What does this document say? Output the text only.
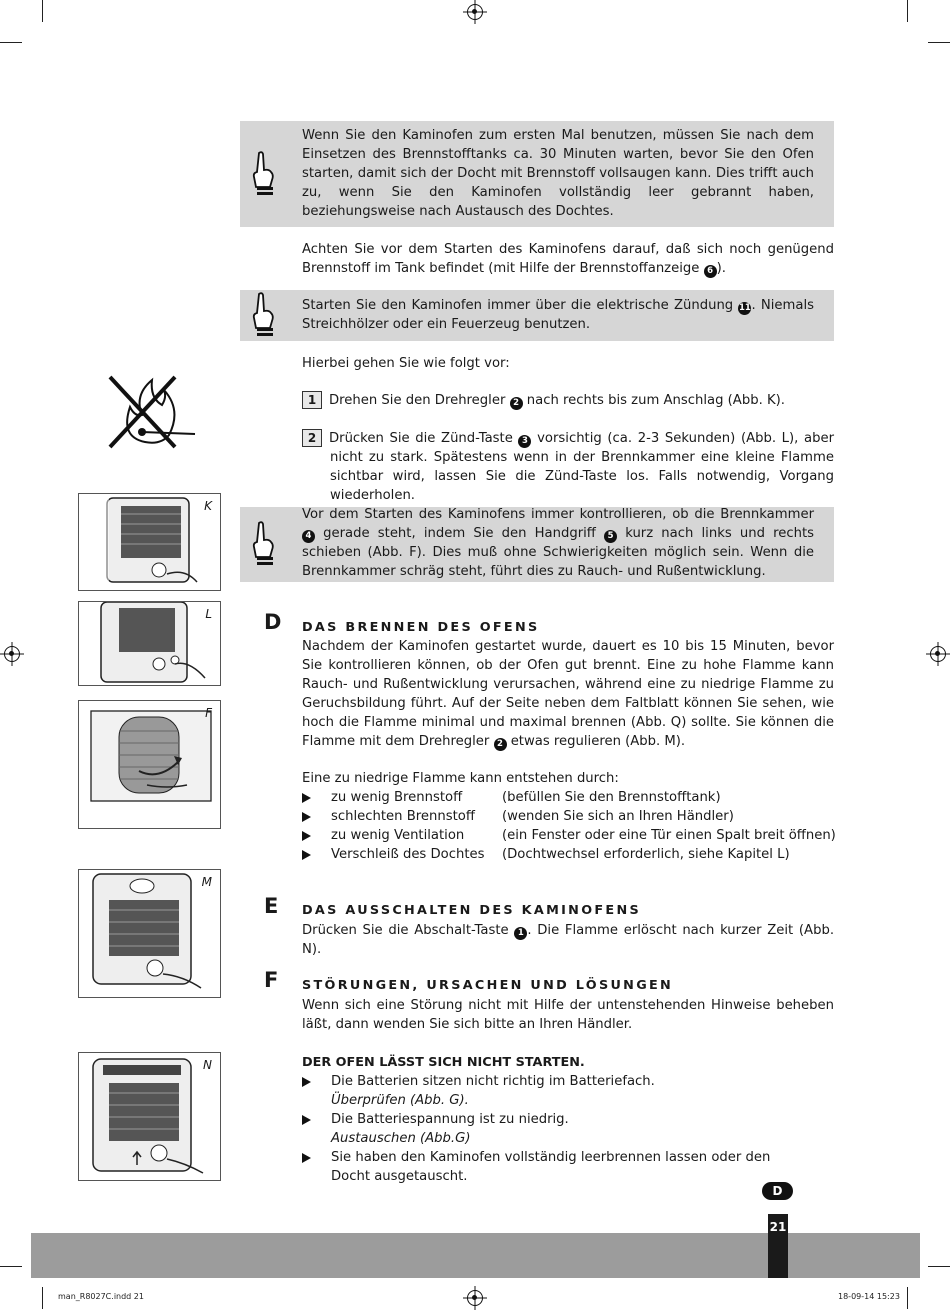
Wenn Sie den Kaminofen zum ersten Mal benutzen, müssen Sie nach dem Einsetzen des Brennstofftanks ca. 30 Minuten warten, bevor Sie den Ofen starten, damit sich der Docht mit Brennstoff vollsaugen kann. Dies trifft auch zu, wenn Sie den Kaminofen vollständig leer gebrannt haben, beziehungsweise nach Austausch des Dochtes.
Achten Sie vor dem Starten des Kaminofens darauf, daß sich noch genügend Brennstoff im Tank befindet (mit Hilfe der Brennstoffanzeige 6 ).
Starten Sie den Kaminofen immer über die elektrische Zündung 11. Niemals Streichhölzer oder ein Feuerzeug benutzen.
Hierbei gehen Sie wie folgt vor:
1 Drehen Sie den Drehregler 2 nach rechts bis zum Anschlag (Abb. K).
2 Drücken Sie die Zünd-Taste 3 vorsichtig (ca. 2-3 Sekunden) (Abb. L), aber nicht zu stark. Spätestens wenn in der Brennkammer eine kleine Flamme sichtbar wird, lassen Sie die Zünd-Taste los. Falls notwendig, Vorgang wiederholen.
Vor dem Starten des Kaminofens immer kontrollieren, ob die Brennkammer 4 gerade steht, indem Sie den Handgriff 5 kurz nach links und rechts schieben (Abb. F). Dies muß ohne Schwierigkeiten möglich sein. Wenn die Brennkammer schräg steht, führt dies zu Rauch- und Rußentwicklung.
D DAS BRENNEN DES OFENS
Nachdem der Kaminofen gestartet wurde, dauert es 10 bis 15 Minuten, bevor Sie kontrollieren können, ob der Ofen gut brennt. Eine zu hohe Flamme kann Rauch- und Rußentwicklung verursachen, während eine zu niedrige Flamme zu Geruchsbildung führt. Auf der Seite neben dem Faltblatt können Sie sehen, wie hoch die Flamme minimal und maximal brennen (Abb. Q) sollte. Sie können die Flamme mit dem Drehregler 2 etwas regulieren (Abb. M).
Eine zu niedrige Flamme kann entstehen durch:
zu wenig Brennstoff	(befüllen Sie den Brennstofftank)

schlechten Brennstoff (wenden Sie sich an Ihren Händler)

zu wenig Ventilation	(ein Fenster oder eine Tür einen Spalt breit öffnen)

Verschleiß des Dochtes (Dochtwechsel erforderlich, siehe Kapitel L)

E DAS AUSSCHALTEN DES KAMINOFENS
Drücken Sie die Abschalt-Taste 1 . Die Flamme erlöscht nach kurzer Zeit (Abb. N).
F STÖRUNGEN, URSACHEN UND LÖSUNGEN
Wenn sich eine Störung nicht mit Hilfe der untenstehenden Hinweise beheben läßt, dann wenden Sie sich bitte an Ihren Händler.
DER OFEN LÄSST SICH NICHT STARTEN.
Die Batterien sitzen nicht richtig im Batteriefach.
Überprüfen (Abb. G).
Die Batteriespannung ist zu niedrig.
Austauschen (Abb.G)
Sie haben den Kaminofen vollständig leerbrennen lassen oder den Docht ausgetauscht.
K
L
F
M
N
D
21
man_R8027C.indd 21	18-09-14 15:23
